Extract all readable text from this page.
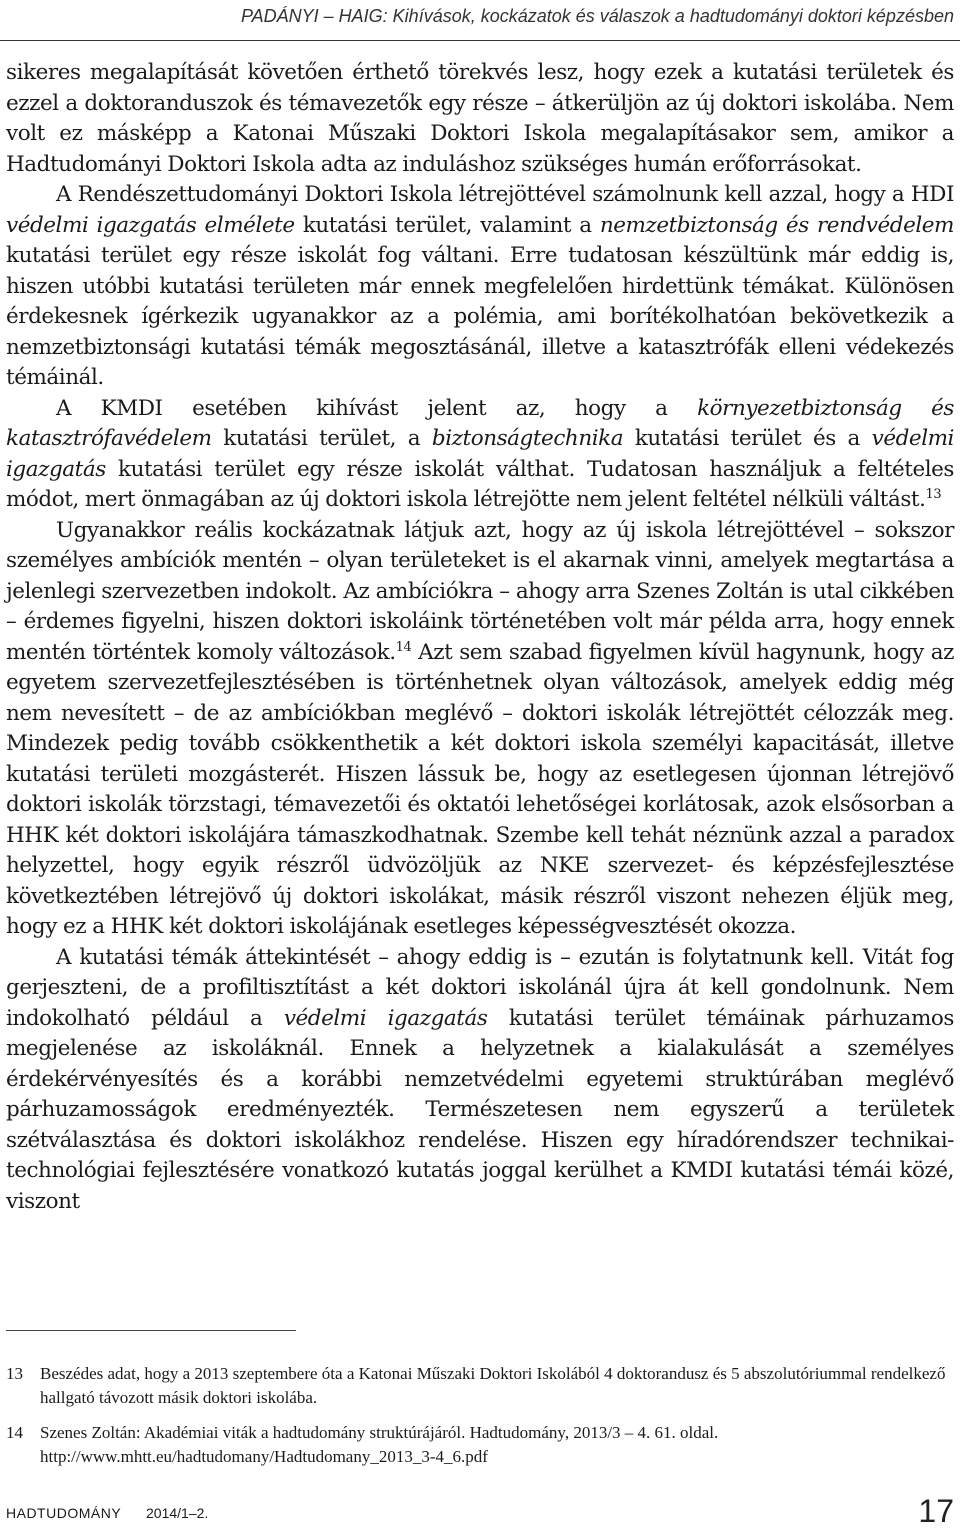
PADÁNYI – HAIG: Kihívások, kockázatok és válaszok a hadtudományi doktori képzésben

sikeres megalapítását követően érthető törekvés lesz, hogy ezek a kutatási területek és ezzel a doktoranduszok és témavezetők egy része – átkerüljön az új doktori iskolába. Nem volt ez másképp a Katonai Műszaki Doktori Iskola megalapításakor sem, amikor a Hadtudományi Doktori Iskola adta az induláshoz szükséges humán erőforrásokat.

A Rendészettudományi Doktori Iskola létrejöttével számolnunk kell azzal, hogy a HDI védelmi igazgatás elmélete kutatási terület, valamint a nemzetbiztonság és rendvédelem kutatási terület egy része iskolát fog váltani. Erre tudatosan készültünk már eddig is, hiszen utóbbi kutatási területen már ennek megfelelően hirdettünk témákat. Különösen érdekesnek ígérkezik ugyanakkor az a polémia, ami borítékolhatóan bekövetkezik a nemzetbiztonsági kutatási témák megosztásánál, illetve a katasztrófák elleni védekezés témáinál.

A KMDI esetében kihívást jelent az, hogy a környezetbiztonság és katasztrófavédelem kutatási terület, a biztonságtechnika kutatási terület és a védelmi igazgatás kutatási terület egy része iskolát válthat. Tudatosan használjuk a feltételes módot, mert önmagában az új doktori iskola létrejötte nem jelent feltétel nélküli váltást.$^{13}$

Ugyanakkor reális kockázatnak látjuk azt, hogy az új iskola létrejöttével – sokszor személyes ambíciók mentén – olyan területeket is el akarnak vinni, amelyek megtartása a jelenlegi szervezetben indokolt. Az ambíciókra – ahogy arra Szenes Zoltán is utal cikkében – érdemes figyelni, hiszen doktori iskoláink történetében volt már példa arra, hogy ennek mentén történtek komoly változások.$^{14}$ Azt sem szabad figyelmen kívül hagynunk, hogy az egyetem szervezetfejlesztésében is történhetnek olyan változások, amelyek eddig még nem nevesített – de az ambíciókban meglévő – doktori iskolák létrejöttét célozzák meg. Mindezek pedig tovább csökkenthetik a két doktori iskola személyi kapacitását, illetve kutatási területi mozgásterét. Hiszen lássuk be, hogy az esetlegesen újonnan létrejövő doktori iskolák törzstagi, témavezetői és oktatói lehetőségei korlátosak, azok elsősorban a HHK két doktori iskolájára támaszkodhatnak. Szembe kell tehát néznünk azzal a paradox helyzettel, hogy egyik részről üdvözöljük az NKE szervezet- és képzésfejlesztése következtében létrejövő új doktori iskolákat, másik részről viszont nehezen éljük meg, hogy ez a HHK két doktori iskolájának esetleges képességvesztését okozza.

A kutatási témák áttekintését – ahogy eddig is – ezután is folytatnunk kell. Vitát fog gerjeszteni, de a profiltisztítást a két doktori iskolánál újra át kell gondolnunk. Nem indokolható például a védelmi igazgatás kutatási terület témáinak párhuzamos megjelenése az iskoláknál. Ennek a helyzetnek a kialakulását a személyes érdekérvényesítés és a korábbi nemzetvédelmi egyetemi struktúrában meglévő párhuzamosságok eredményezték. Természetesen nem egyszerű a területek szétválasztása és doktori iskolákhoz rendelése. Hiszen egy híradórendszer technikai-technológiai fejlesztésére vonatkozó kutatás joggal kerülhet a KMDI kutatási témái közé, viszont

13	Beszédes adat, hogy a 2013 szeptembere óta a Katonai Műszaki Doktori Iskolából 4 doktorandusz és 5 abszolutóriummal rendelkező hallgató távozott másik doktori iskolába.
14	Szenes Zoltán: Akadémiai viták a hadtudomány struktúrájáról. Hadtudomány, 2013/3 – 4. 61. oldal. http://www.mhtt.eu/hadtudomany/Hadtudomany_2013_3-4_6.pdf
HADTUDOMÁNY 2014/1–2.	17
